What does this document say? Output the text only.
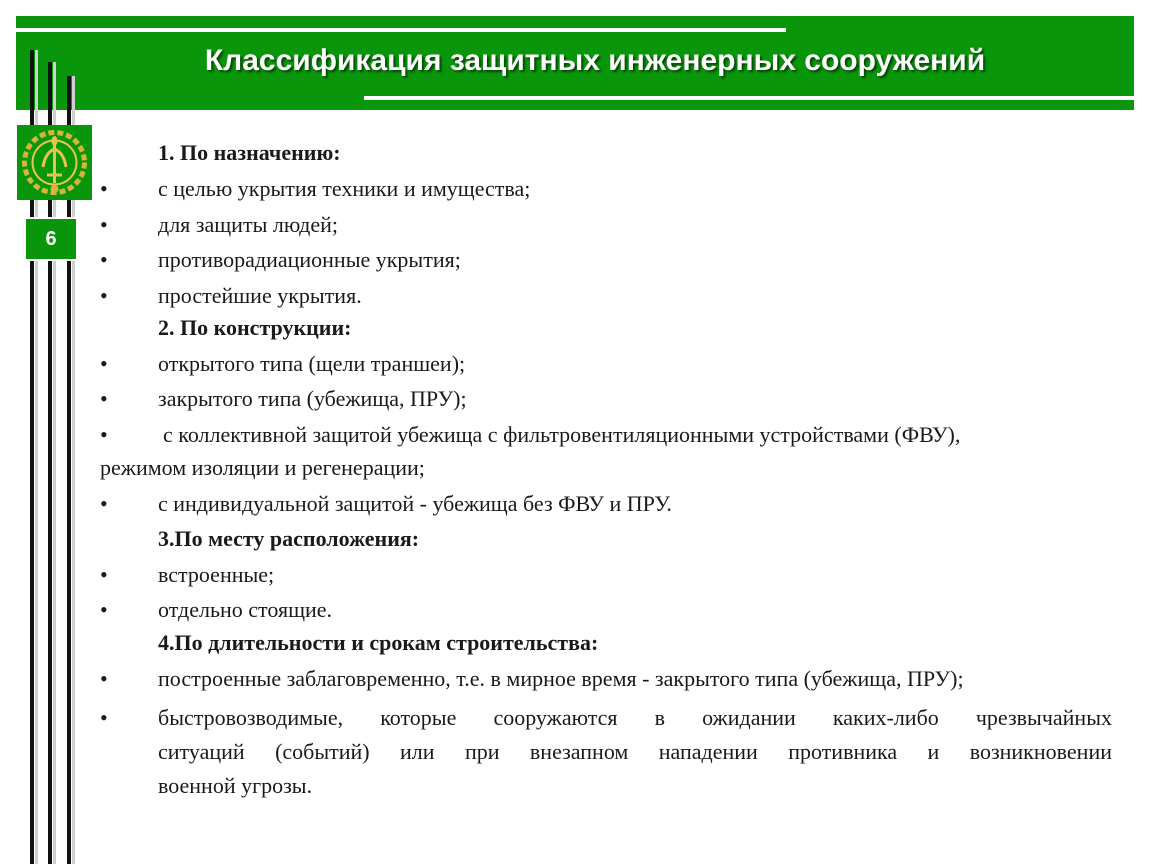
Классификация защитных инженерных сооружений
6
1. По назначению:
• с целью укрытия техники и имущества;
• для защиты людей;
• противорадиационные укрытия;
• простейшие укрытия.
2. По конструкции:
• открытого типа (щели траншеи);
• закрытого типа (убежища, ПРУ);
•	с коллективной защитой убежища с фильтровентиляционными устройствами (ФВУ),
режимом изоляции и регенерации;
• с индивидуальной защитой - убежища без ФВУ и ПРУ.
3.По месту расположения:
• встроенные;
• отдельно стоящие.
4.По длительности и срокам строительства:
• построенные заблаговременно, т.е. в мирное время - закрытого типа (убежища, ПРУ);
• быстровозводимые, которые сооружаются в ожидании каких-либо чрезвычайных
ситуаций (событий) или при внезапном нападении противника и возникновении
военной угрозы.
